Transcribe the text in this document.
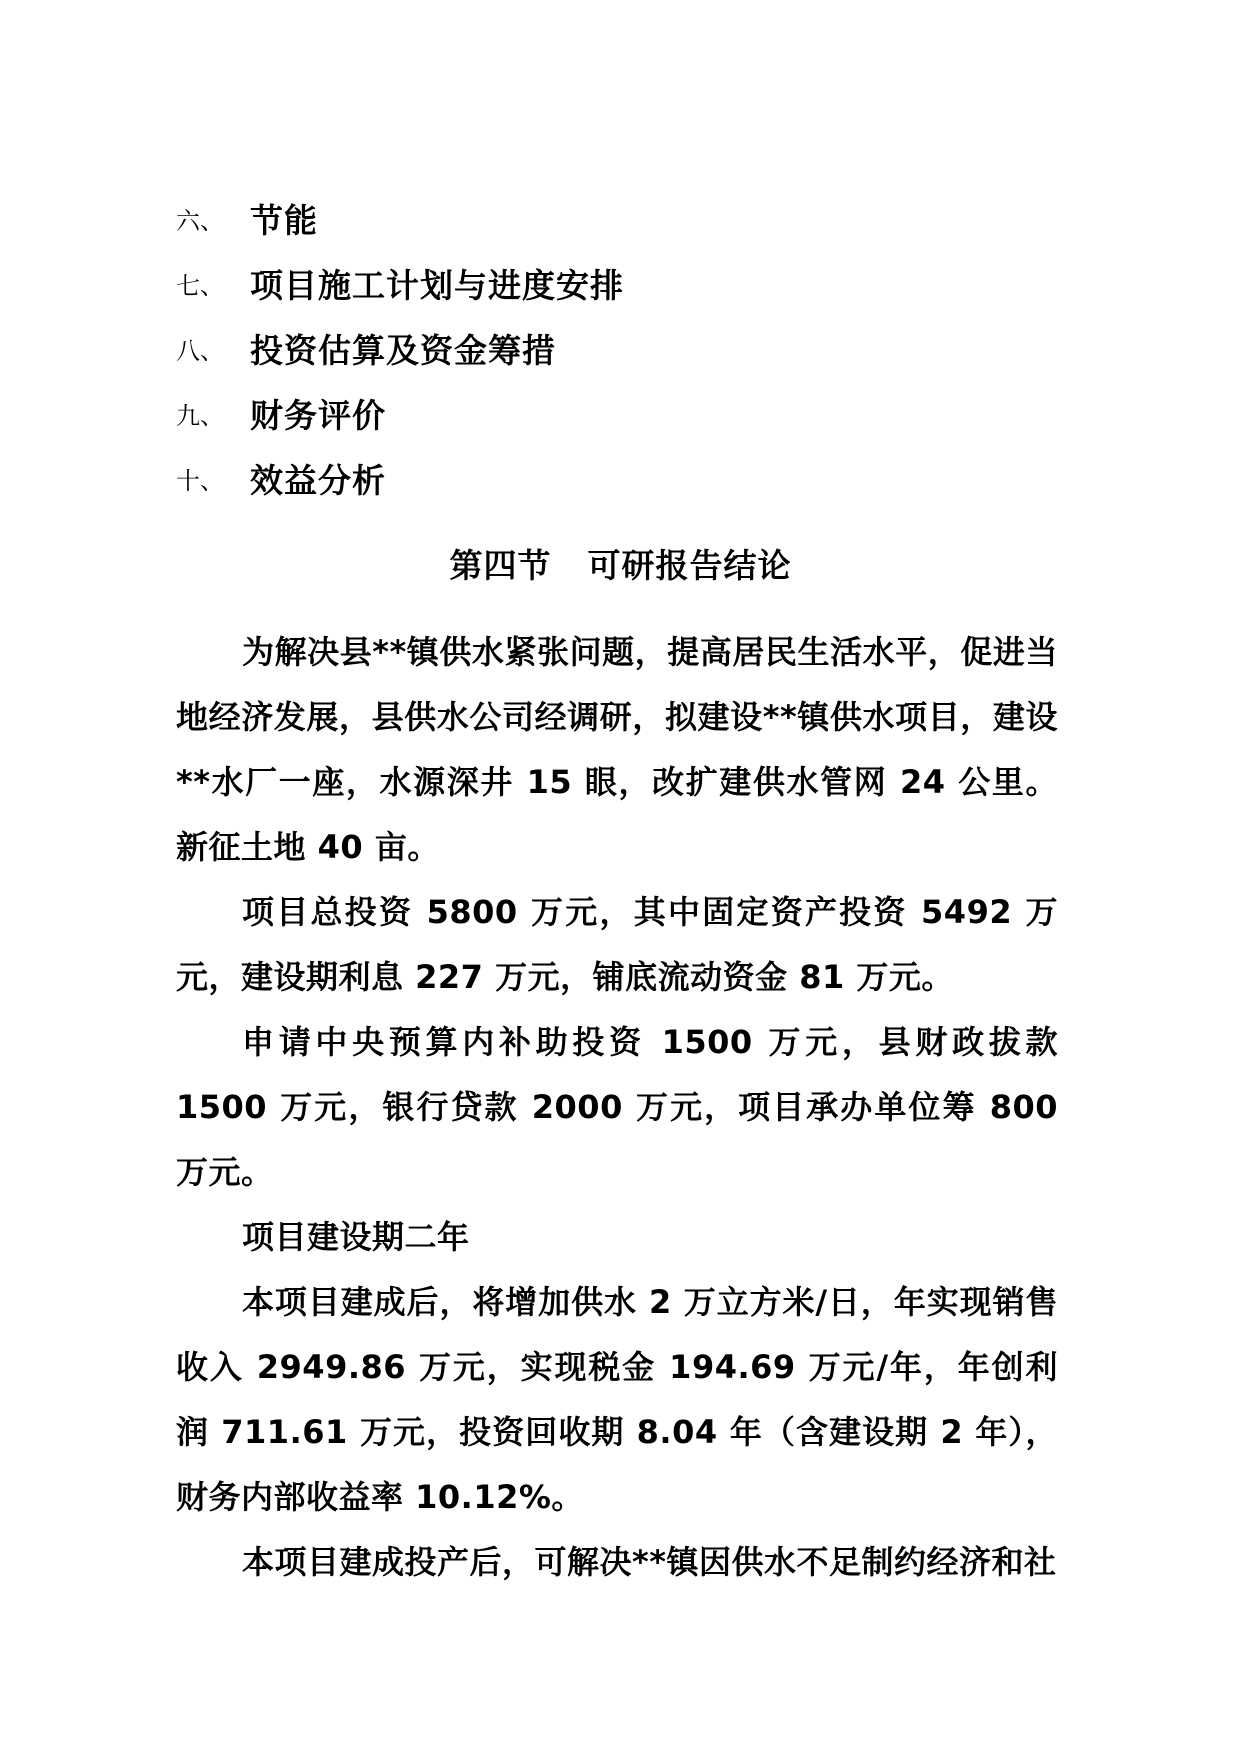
六、 节能
七、 项目施工计划与进度安排
八、 投资估算及资金筹措
九、 财务评价
十、 效益分析
第四节 可研报告结论

为解决县**镇供水紧张问题，提高居民生活水平，促进当地经济发展，县供水公司经调研，拟建设**镇供水项目，建设**水厂一座，水源深井 15 眼，改扩建供水管网 24 公里。新征土地 40 亩。

项目总投资 5800 万元，其中固定资产投资 5492 万元，建设期利息 227 万元，铺底流动资金 81 万元。

申请中央预算内补助投资 1500 万元，县财政拔款 1500 万元，银行贷款 2000 万元，项目承办单位筹 800 万元。

项目建设期二年

本项目建成后，将增加供水 2 万立方米/日，年实现销售收入 2949.86 万元，实现税金 194.69 万元/年，年创利润 711.61 万元，投资回收期 8.04 年（含建设期 2 年），财务内部收益率 10.12%。

本项目建成投产后，可解决**镇因供水不足制约经济和社
